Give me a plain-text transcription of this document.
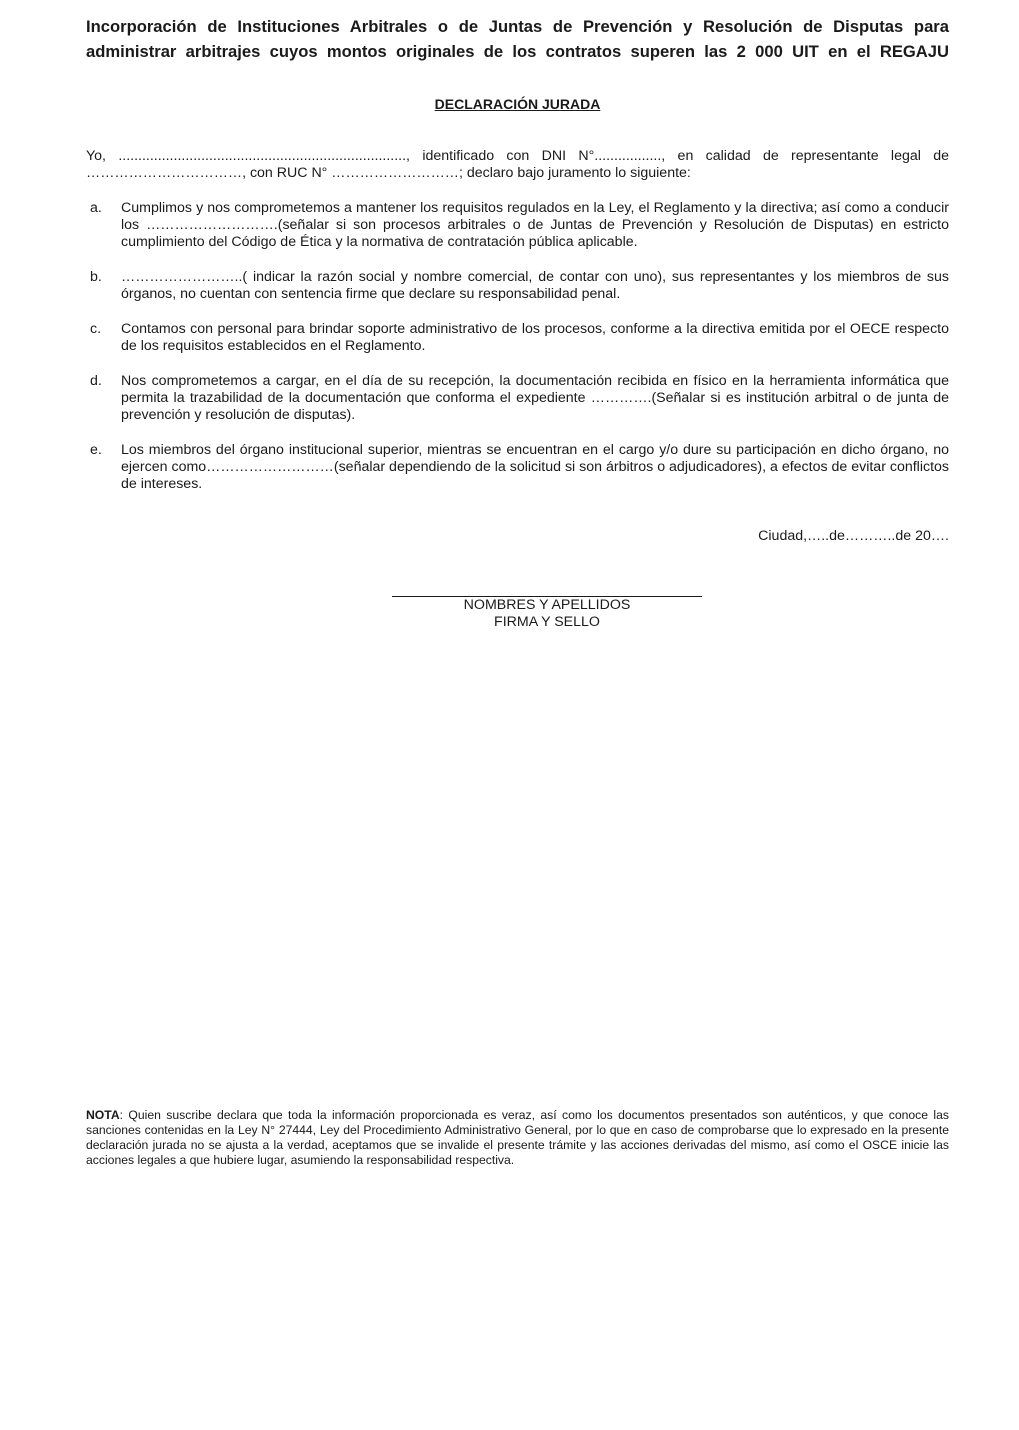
Incorporación de Instituciones Arbitrales o de Juntas de Prevención y Resolución de Disputas para administrar arbitrajes cuyos montos originales de los contratos superen las 2 000 UIT en el REGAJU
DECLARACIÓN JURADA

Yo, ........................................................................., identificado con DNI N°................., en calidad de representante legal de ……………………………, con RUC N° ………………………; declaro bajo juramento lo siguiente:

a.	Cumplimos y nos comprometemos a mantener los requisitos regulados en la Ley, el Reglamento y la directiva; así como a conducir los ……………………….(señalar si son procesos arbitrales o de Juntas de Prevención y Resolución de Disputas) en estricto cumplimiento del Código de Ética y la normativa de contratación pública aplicable.
b.	……………………..( indicar la razón social y nombre comercial, de contar con uno), sus representantes y los miembros de sus órganos, no cuentan con sentencia firme que declare su responsabilidad penal.
c.	Contamos con personal para brindar soporte administrativo de los procesos, conforme a la directiva emitida por el OECE respecto de los requisitos establecidos en el Reglamento.
d.	Nos comprometemos a cargar, en el día de su recepción, la documentación recibida en físico en la herramienta informática que permita la trazabilidad de la documentación que conforma el expediente ………….(Señalar si es institución arbitral o de junta de prevención y resolución de disputas).
e.	Los miembros del órgano institucional superior, mientras se encuentran en el cargo y/o dure su participación en dicho órgano, no ejercen como………………………(señalar dependiendo de la solicitud si son árbitros o adjudicadores), a efectos de evitar conflictos de intereses.

Ciudad,…..de………..de 20….

NOMBRES Y APELLIDOS
FIRMA Y SELLO

NOTA: Quien suscribe declara que toda la información proporcionada es veraz, así como los documentos presentados son auténticos, y que conoce las sanciones contenidas en la Ley N° 27444, Ley del Procedimiento Administrativo General, por lo que en caso de comprobarse que lo expresado en la presente declaración jurada no se ajusta a la verdad, aceptamos que se invalide el presente trámite y las acciones derivadas del mismo, así como el OSCE inicie las acciones legales a que hubiere lugar, asumiendo la responsabilidad respectiva.
